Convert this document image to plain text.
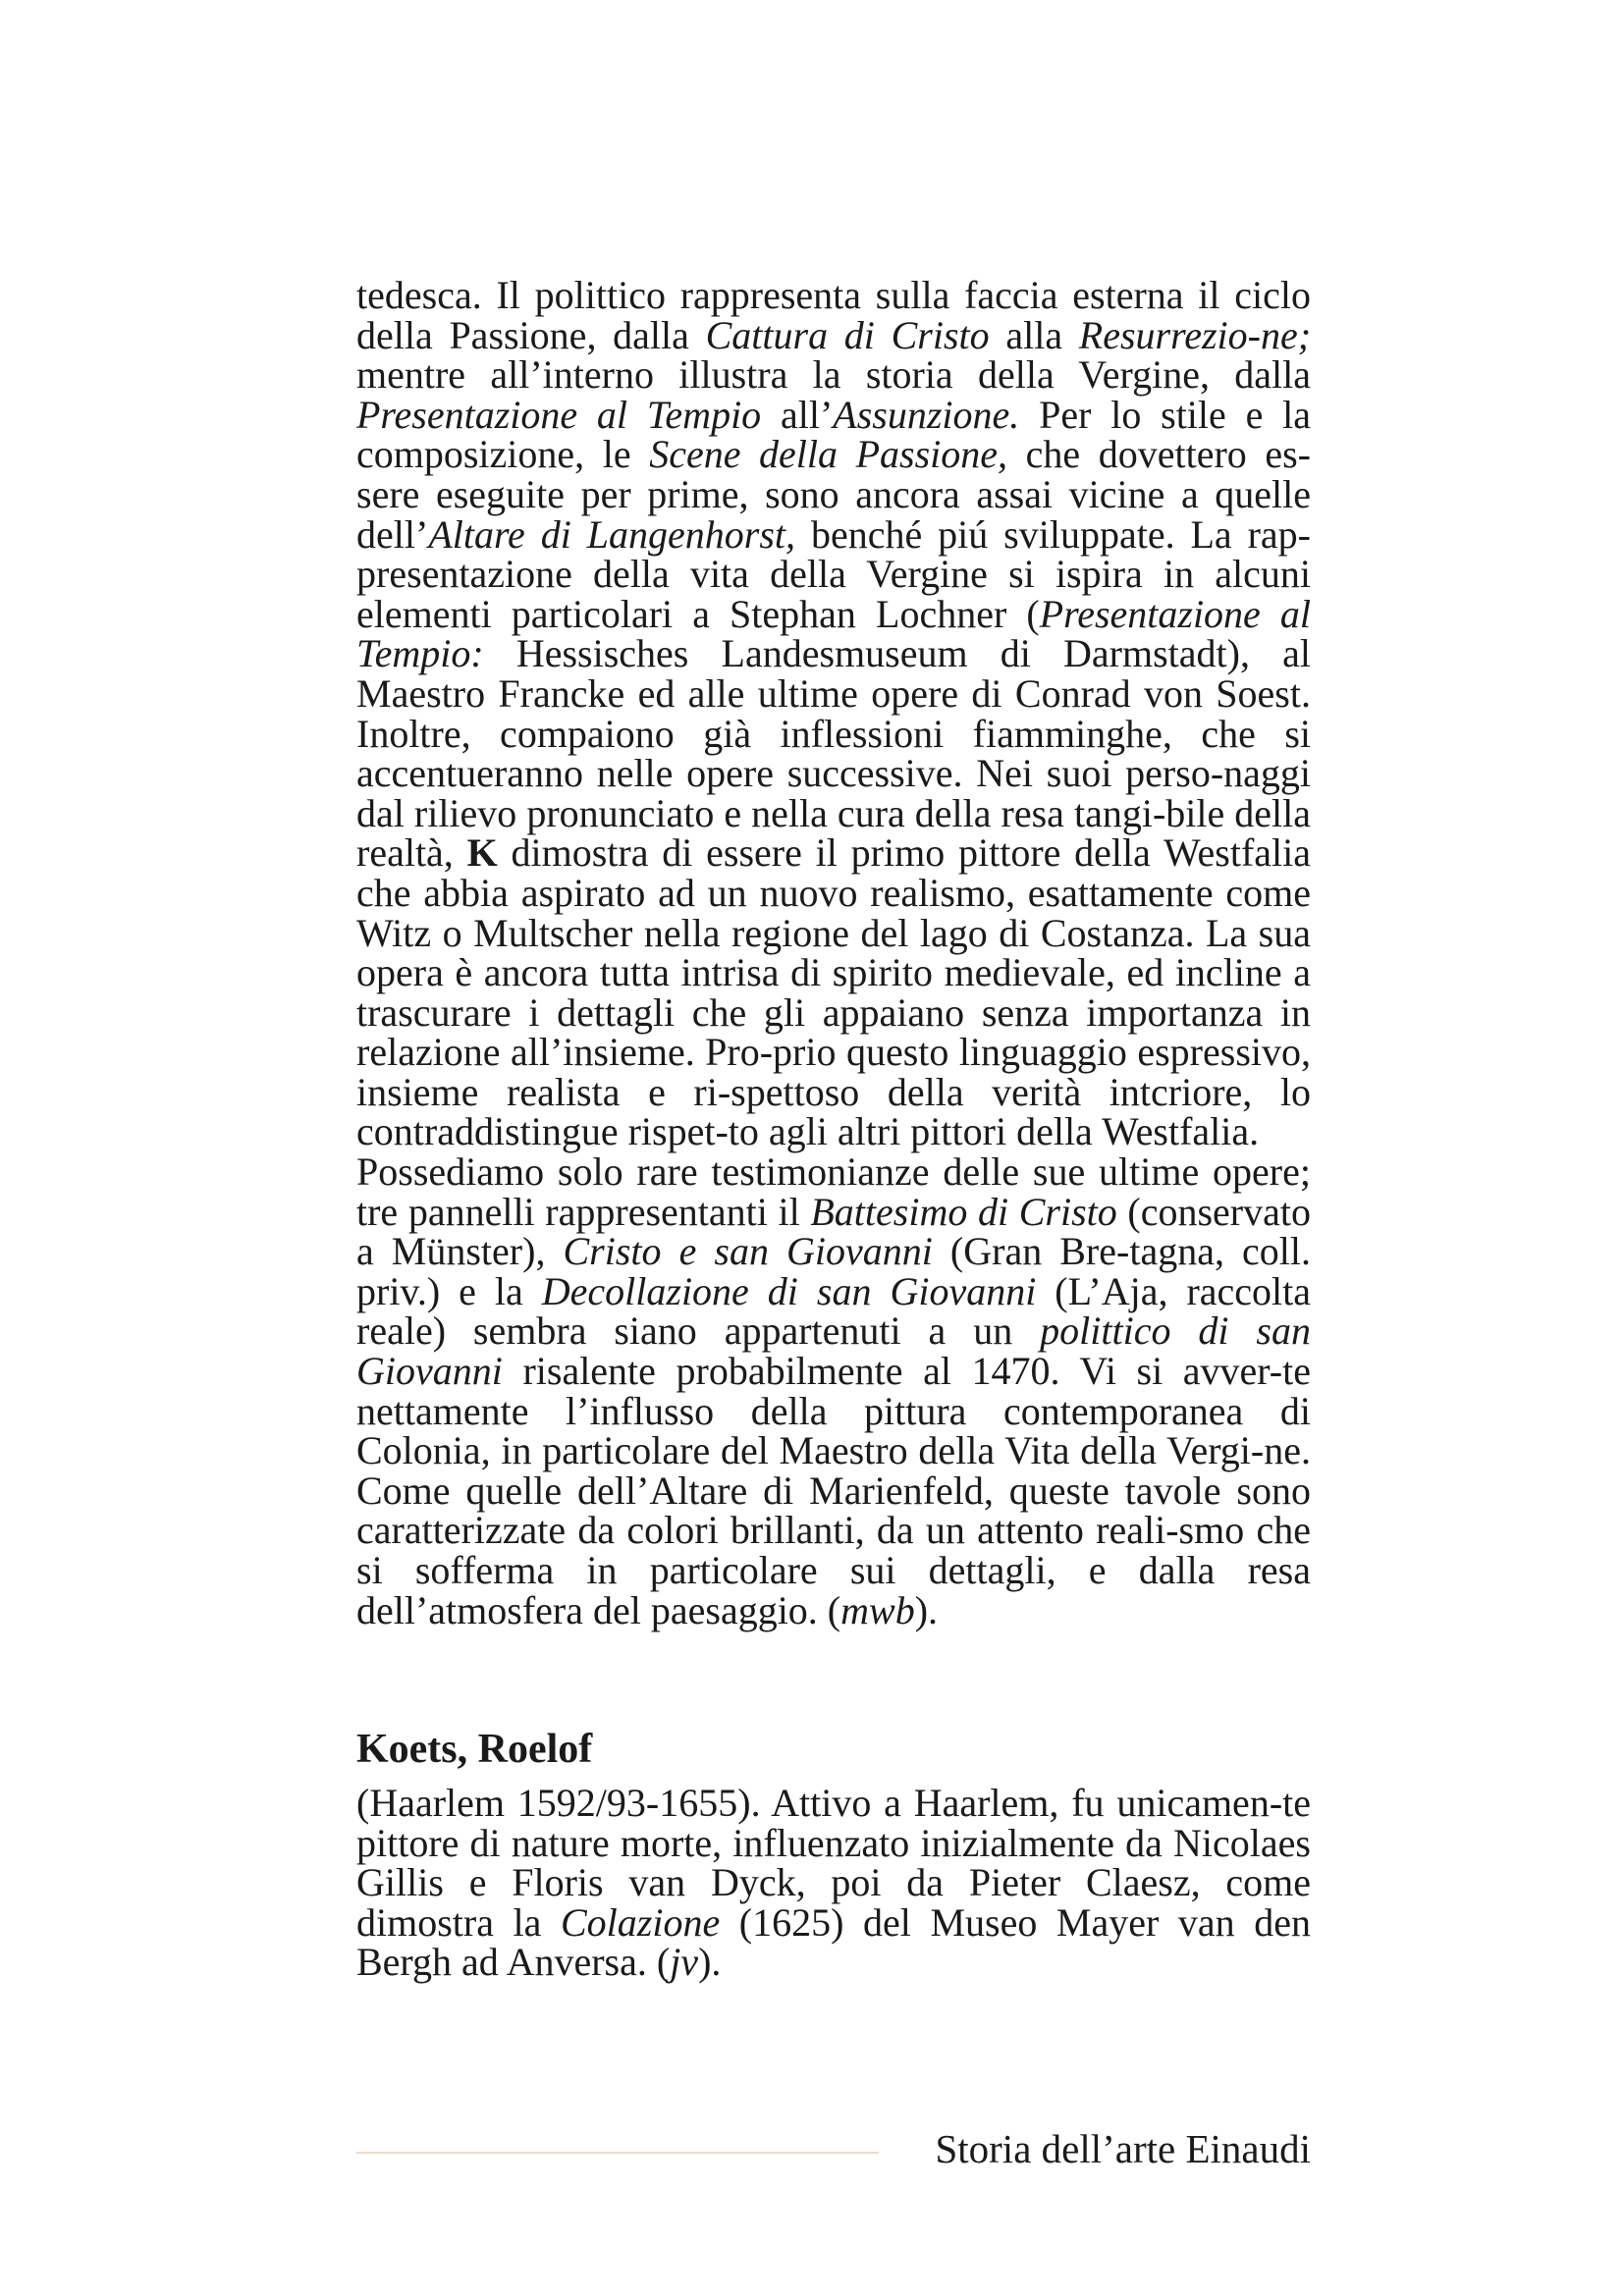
tedesca. Il polittico rappresenta sulla faccia esterna il ciclo della Passione, dalla Cattura di Cristo alla Resurrezio-ne; mentre all’interno illustra la storia della Vergine, dalla Presentazione al Tempio all’Assunzione. Per lo stile e la composizione, le Scene della Passione, che dovettero es-sere eseguite per prime, sono ancora assai vicine a quelle dell’Altare di Langenhorst, benché piú sviluppate. La rap-presentazione della vita della Vergine si ispira in alcuni elementi particolari a Stephan Lochner (Presentazione al Tempio: Hessisches Landesmuseum di Darmstadt), al Maestro Francke ed alle ultime opere di Conrad von Soest. Inoltre, compaiono già inflessioni fiamminghe, che si accentueranno nelle opere successive. Nei suoi perso-naggi dal rilievo pronunciato e nella cura della resa tangi-bile della realtà, K dimostra di essere il primo pittore della Westfalia che abbia aspirato ad un nuovo realismo, esattamente come Witz o Multscher nella regione del lago di Costanza. La sua opera è ancora tutta intrisa di spirito medievale, ed incline a trascurare i dettagli che gli appaiano senza importanza in relazione all’insieme. Pro-prio questo linguaggio espressivo, insieme realista e ri-spettoso della verità intcriore, lo contraddistingue rispet-to agli altri pittori della Westfalia.

Possediamo solo rare testimonianze delle sue ultime opere; tre pannelli rappresentanti il Battesimo di Cristo (conservato a Münster), Cristo e san Giovanni (Gran Bre-tagna, coll. priv.) e la Decollazione di san Giovanni (L’Aja, raccolta reale) sembra siano appartenuti a un polittico di san Giovanni risalente probabilmente al 1470. Vi si avver-te nettamente l’influsso della pittura contemporanea di Colonia, in particolare del Maestro della Vita della Vergi-ne. Come quelle dell’Altare di Marienfeld, queste tavole sono caratterizzate da colori brillanti, da un attento reali-smo che si sofferma in particolare sui dettagli, e dalla resa dell’atmosfera del paesaggio. (mwb).

Koets, Roelof

(Haarlem 1592/93-1655). Attivo a Haarlem, fu unicamen-te pittore di nature morte, influenzato inizialmente da Nicolaes Gillis e Floris van Dyck, poi da Pieter Claesz, come dimostra la Colazione (1625) del Museo Mayer van den Bergh ad Anversa. (jv).

Storia dell’arte Einaudi
